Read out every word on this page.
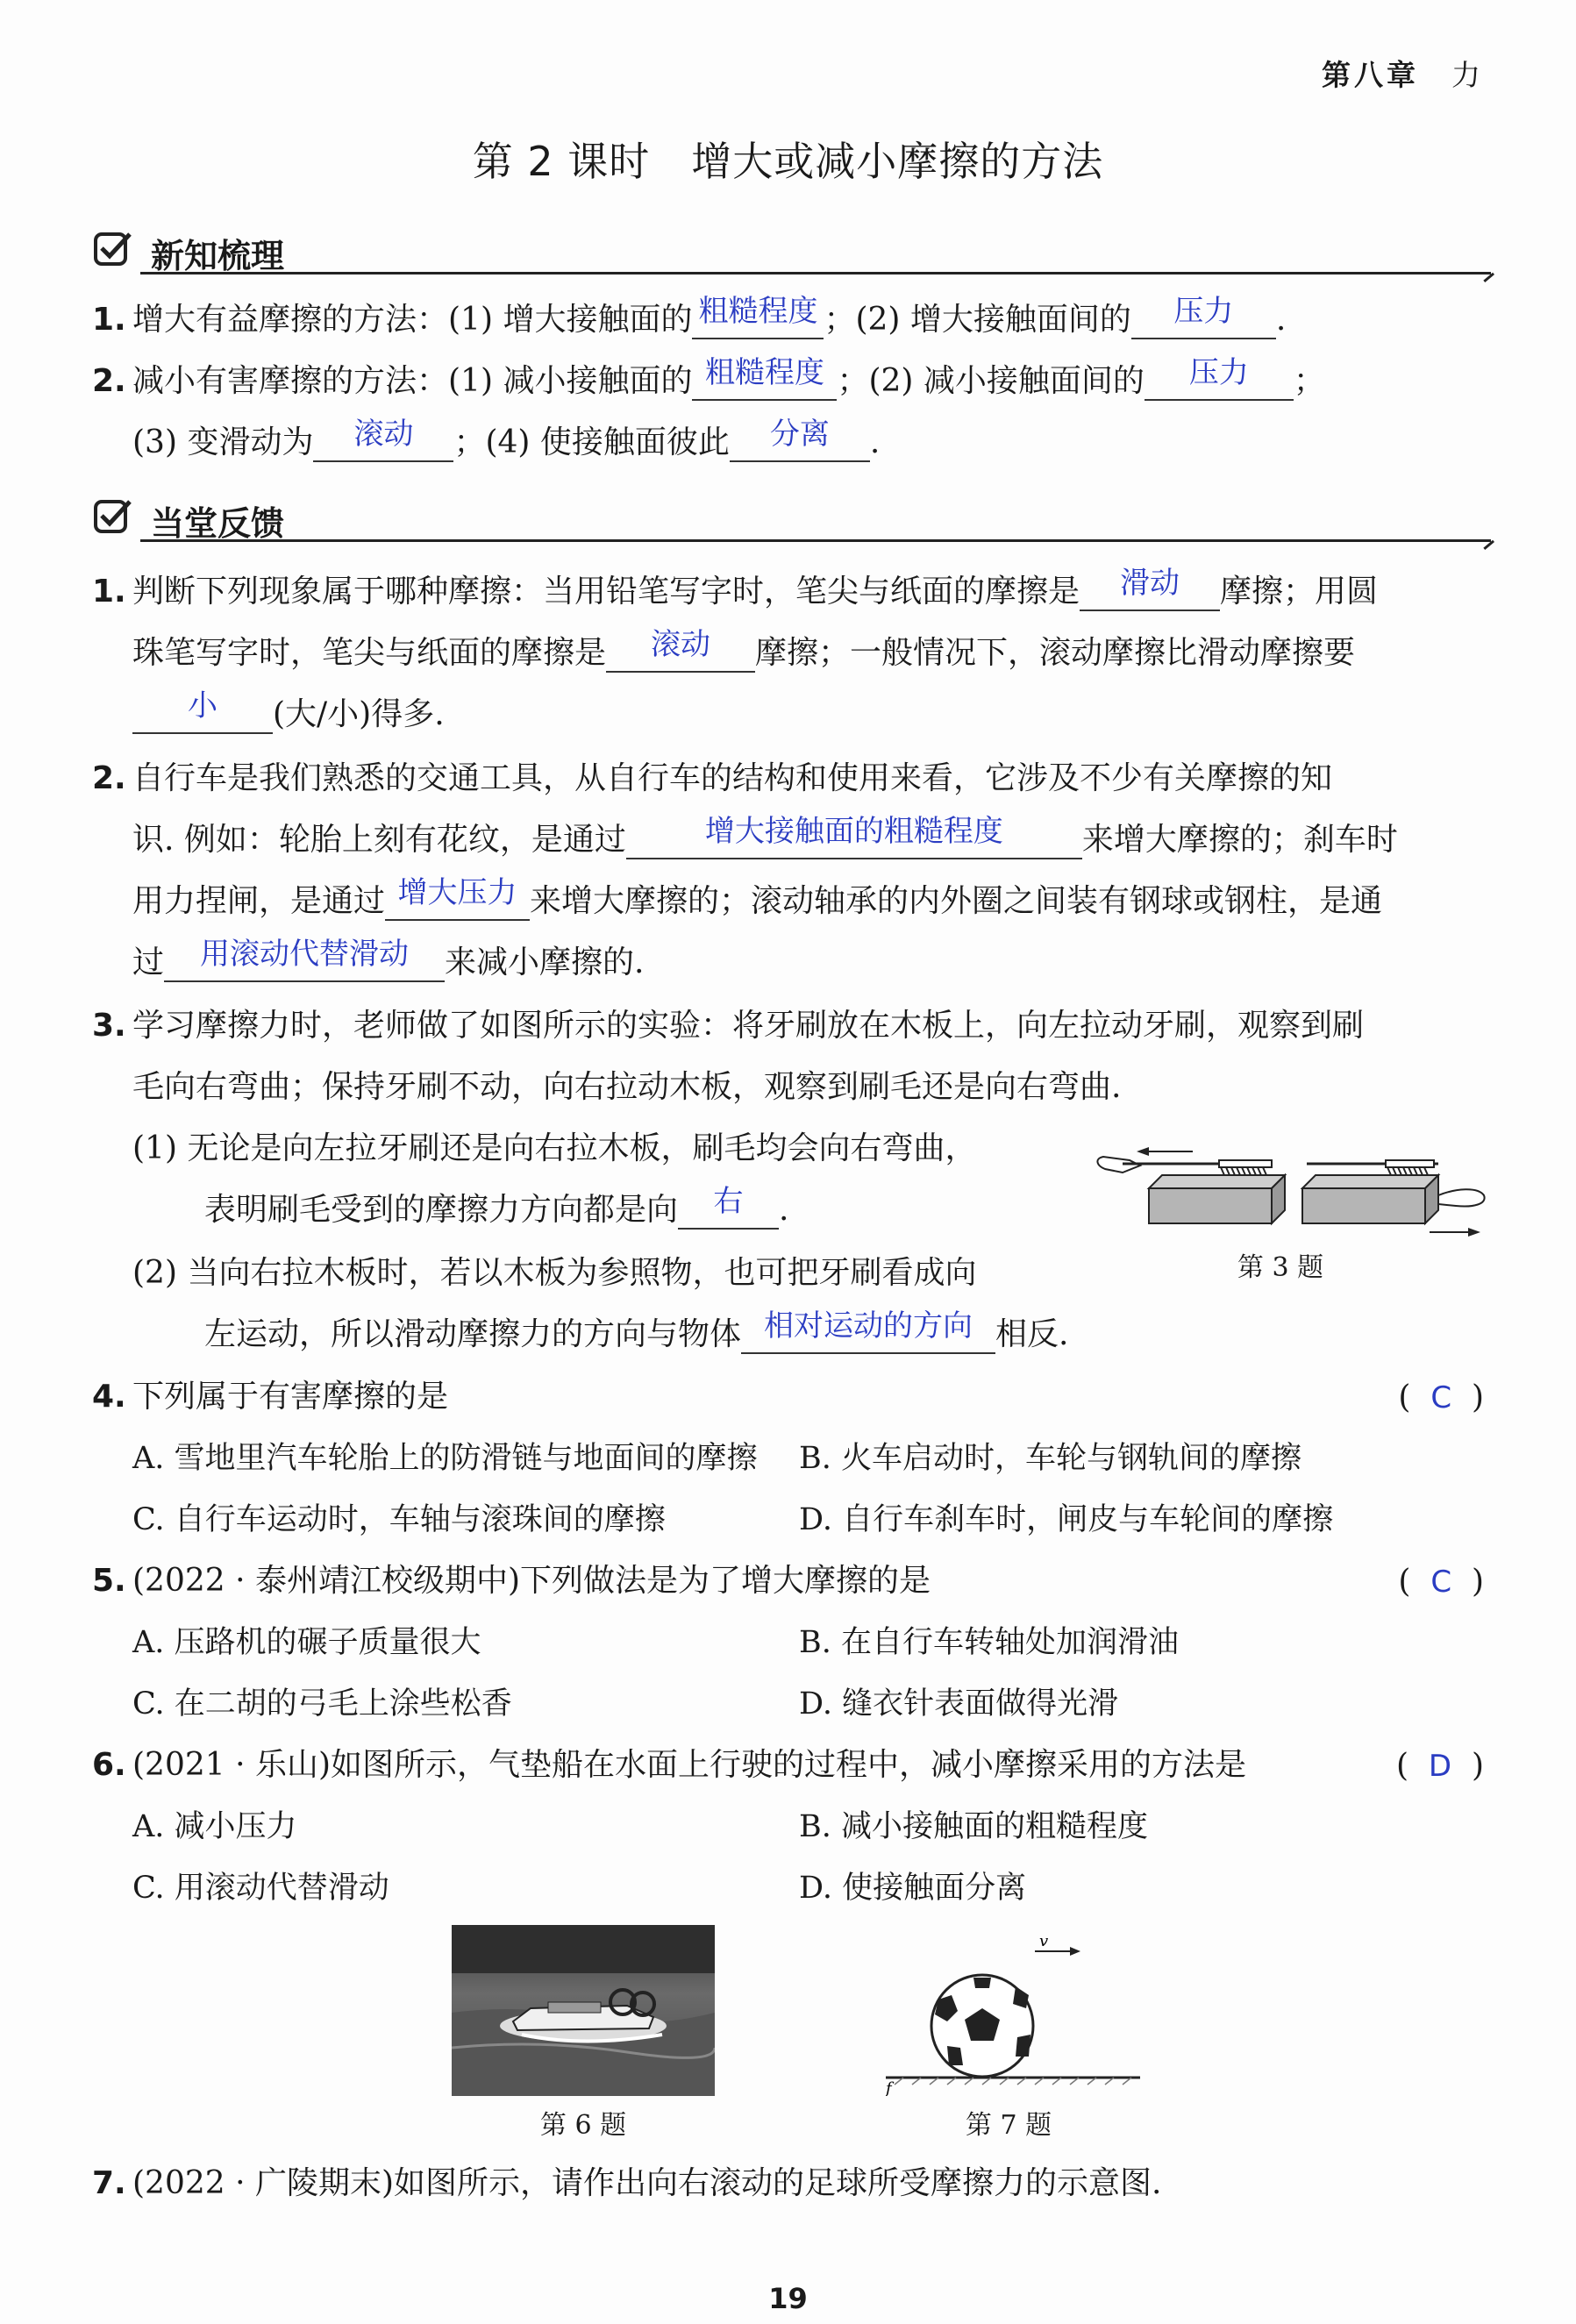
第八章　 力
第 2 课时　增大或减小摩擦的方法
新知梳理
1. 增大有益摩擦的方法：(1) 增大接触面的 粗糙程度 ；(2) 增大接触面间的 压力 .
2. 减小有害摩擦的方法：(1) 减小接触面的 粗糙程度 ；(2) 减小接触面间的 压力 ；
(3) 变滑动为 滚动 ；(4) 使接触面彼此 分离 .
当堂反馈
1. 判断下列现象属于哪种摩擦：当用铅笔写字时，笔尖与纸面的摩擦是 滑动 摩擦；用圆
珠笔写字时，笔尖与纸面的摩擦是 滚动 摩擦；一般情况下，滚动摩擦比滑动摩擦要
小 (大/小)得多.
2. 自行车是我们熟悉的交通工具，从自行车的结构和使用来看，它涉及不少有关摩擦的知
识. 例如：轮胎上刻有花纹，是通过	增大接触面的粗糙程度	来增大摩擦的；刹车时
用力捏闸，是通过 增大压力 来增大摩擦的；滚动轴承的内外圈之间装有钢球或钢柱，是通
过 用滚动代替滑动 来减小摩擦的.
3. 学习摩擦力时，老师做了如图所示的实验：将牙刷放在木板上，向左拉动牙刷，观察到刷
毛向右弯曲；保持牙刷不动，向右拉动木板，观察到刷毛还是向右弯曲.
(1) 无论是向左拉牙刷还是向右拉木板，刷毛均会向右弯曲，
表明刷毛受到的摩擦力方向都是向 右 .
(2) 当向右拉木板时，若以木板为参照物，也可把牙刷看成向
左运动，所以滑动摩擦力的方向与物体 相对运动的方向 相反.
第 3 题
4. 下列属于有害摩擦的是	(  C  )
A. 雪地里汽车轮胎上的防滑链与地面间的摩擦 B. 火车启动时，车轮与钢轨间的摩擦
C. 自行车运动时，车轴与滚珠间的摩擦	D. 自行车刹车时，闸皮与车轮间的摩擦
5. (2022 · 泰州靖江校级期中)下列做法是为了增大摩擦的是	(  C  )
A. 压路机的碾子质量很大	B. 在自行车转轴处加润滑油
C. 在二胡的弓毛上涂些松香	D. 缝衣针表面做得光滑
6. (2021 · 乐山)如图所示，气垫船在水面上行驶的过程中，减小摩擦采用的方法是	(  D  )
A. 减小压力	B. 减小接触面的粗糙程度
C. 用滚动代替滑动	D. 使接触面分离
第 6 题
v
f
第 7 题
7. (2022 · 广陵期末)如图所示，请作出向右滚动的足球所受摩擦力的示意图.
19
